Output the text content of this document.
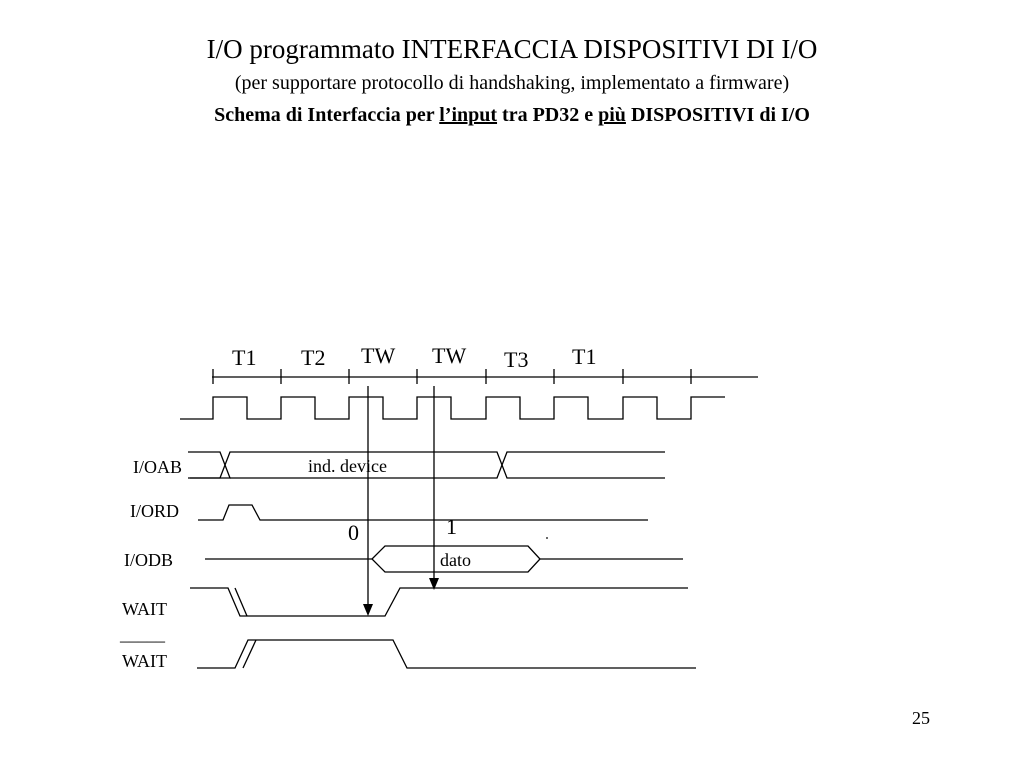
I/O programmato INTERFACCIA DISPOSITIVI DI I/O
(per supportare protocollo di handshaking, implementato a firmware)
Schema di Interfaccia per l’input tra PD32 e più DISPOSITIVI di I/O
T1 T2 TW TW T3 T1
I/OAB
I/ORD
I/ODB
WAIT
_____
WAIT
ind. device
dato
0	1
25
